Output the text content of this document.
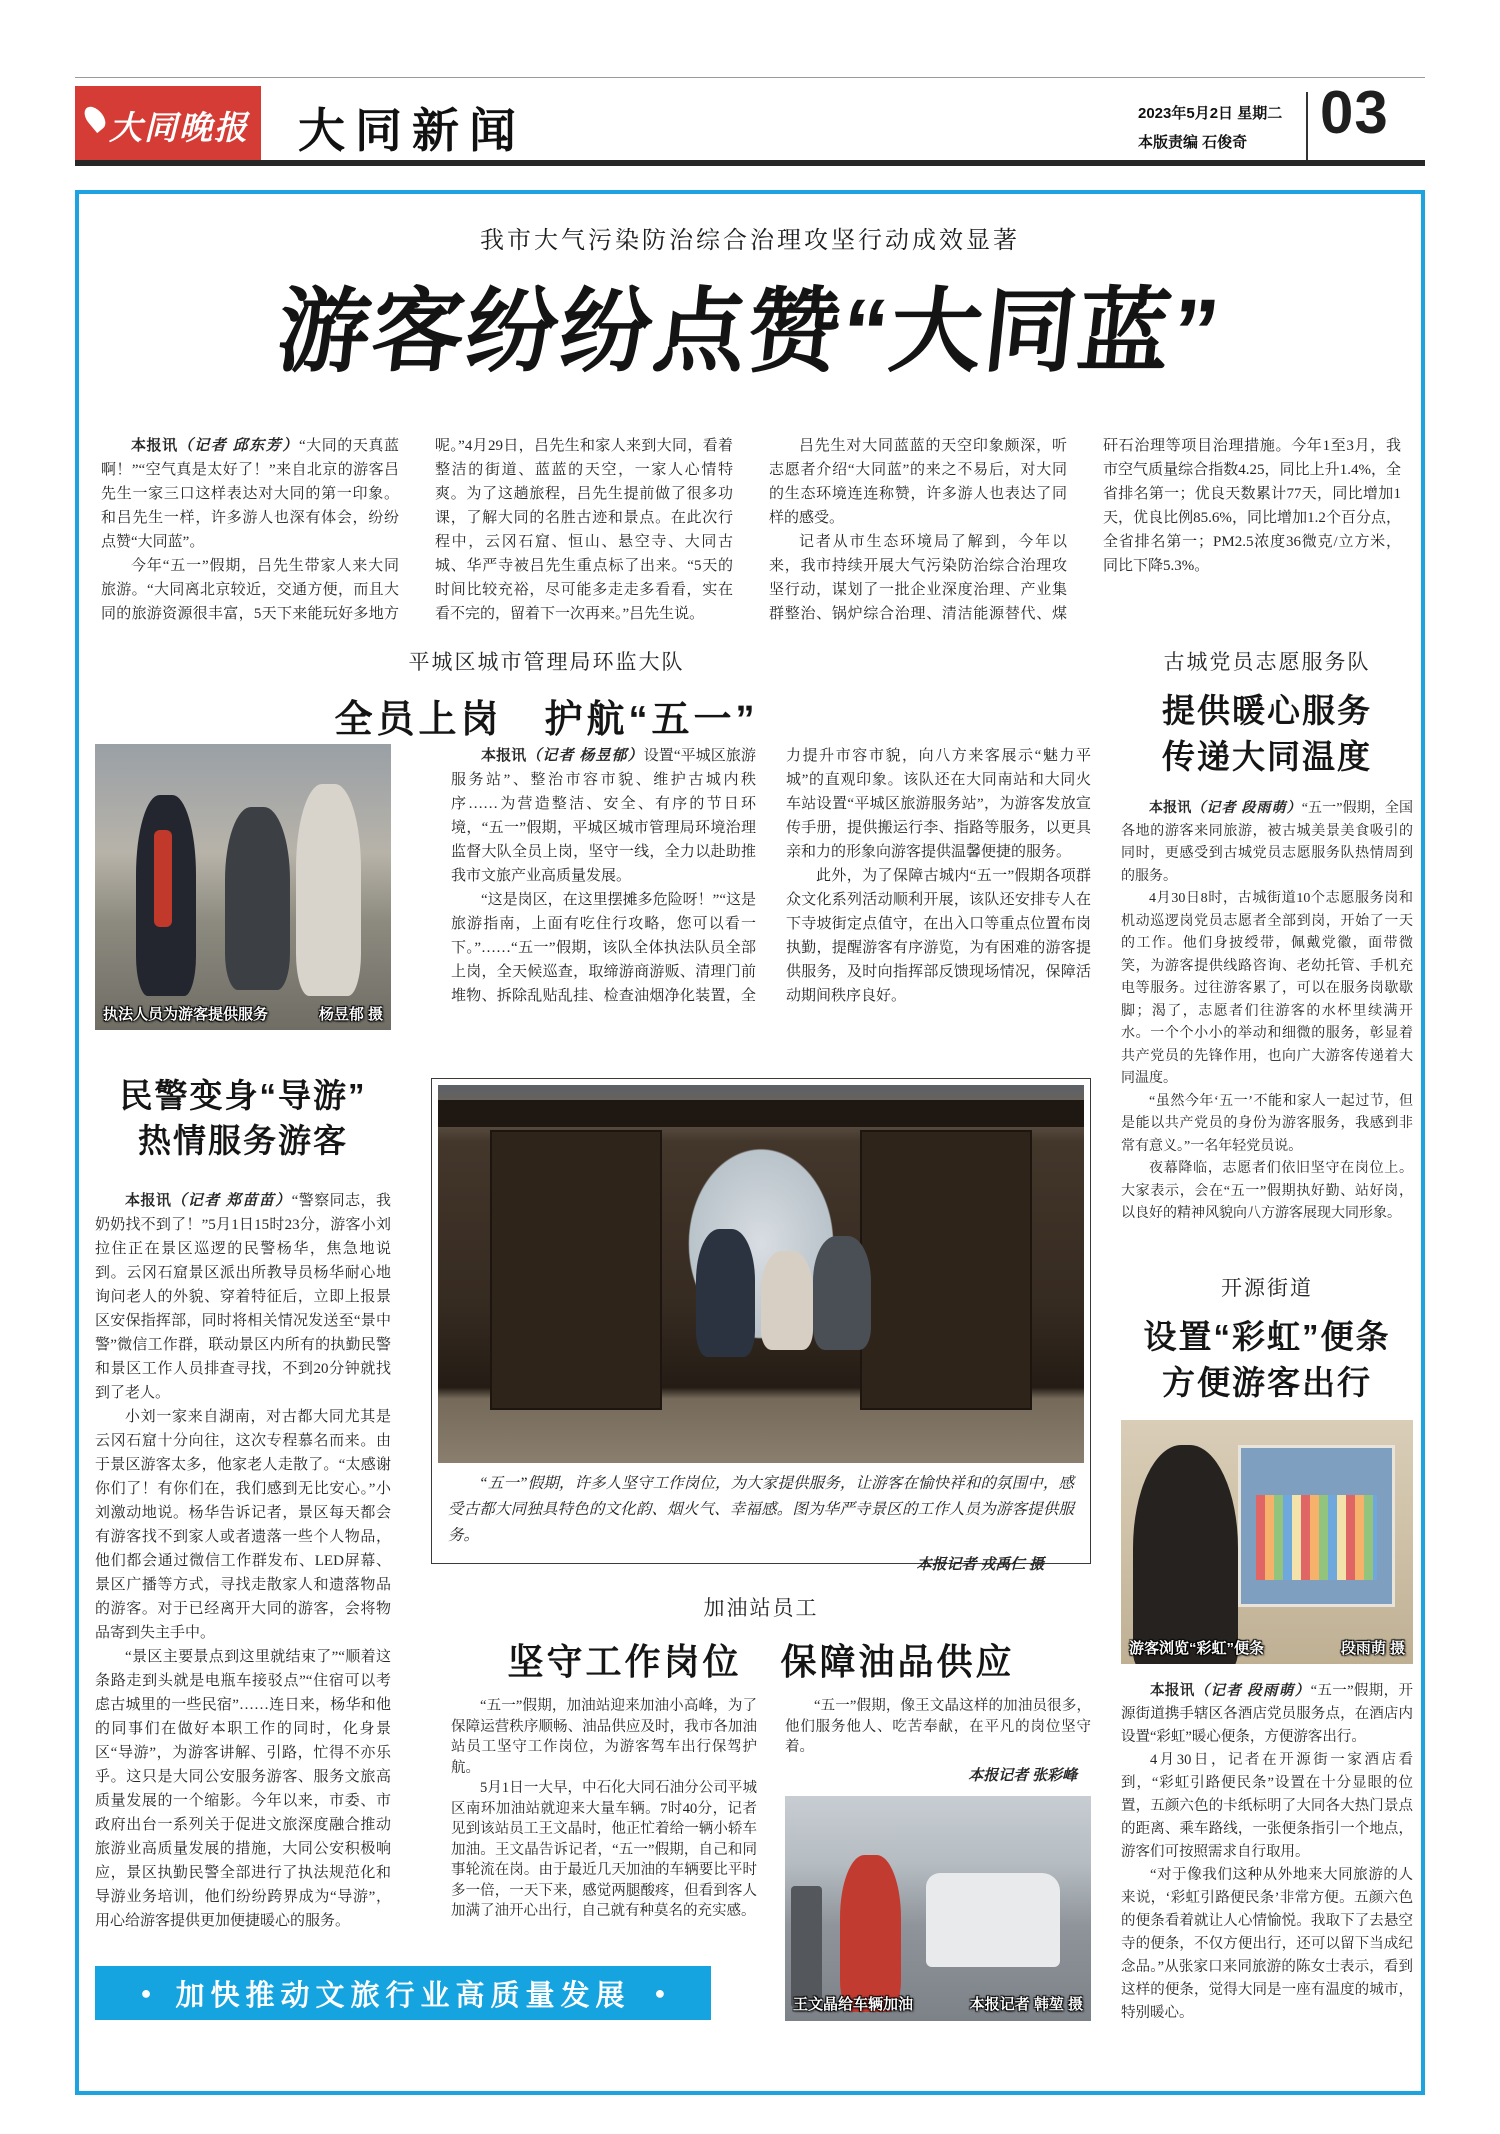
大同晚报 大同新闻	2023年5月2日 星期二
本版责编 石俊奇	03
我市大气污染防治综合治理攻坚行动成效显著
游客纷纷点赞“大同蓝”

本报讯（记者 邱东芳）“大同的天真蓝啊！”“空气真是太好了！”来自北京的游客吕先生一家三口这样表达对大同的第一印象。和吕先生一样，许多游人也深有体会，纷纷点赞“大同蓝”。

今年“五一”假期，吕先生带家人来大同旅游。“大同离北京较近，交通方便，而且大同的旅游资源很丰富，5天下来能玩好多地方呢。”4月29日，吕先生和家人来到大同，看着整洁的街道、蓝蓝的天空，一家人心情特爽。为了这趟旅程，吕先生提前做了很多功课，了解大同的名胜古迹和景点。在此次行程中，云冈石窟、恒山、悬空寺、大同古城、华严寺被吕先生重点标了出来。“5天的时间比较充裕，尽可能多走走多看看，实在看不完的，留着下一次再来。”吕先生说。

吕先生对大同蓝蓝的天空印象颇深，听志愿者介绍“大同蓝”的来之不易后，对大同的生态环境连连称赞，许多游人也表达了同样的感受。

记者从市生态环境局了解到，今年以来，我市持续开展大气污染防治综合治理攻坚行动，谋划了一批企业深度治理、产业集群整治、锅炉综合治理、清洁能源替代、煤矸石治理等项目治理措施。今年1至3月，我市空气质量综合指数4.25，同比上升1.4%，全省排名第一；优良天数累计77天，同比增加1天，优良比例85.6%，同比增加1.2个百分点，全省排名第一；PM2.5浓度36微克/立方米，同比下降5.3%。

平城区城市管理局环监大队
全员上岗　护航“五一”
执法人员为游客提供服务	杨昱郁 摄

本报讯（记者 杨昱郁）设置“平城区旅游服务站”、整治市容市貌、维护古城内秩序……为营造整洁、安全、有序的节日环境，“五一”假期，平城区城市管理局环境治理监督大队全员上岗，坚守一线，全力以赴助推我市文旅产业高质量发展。

“这是岗区，在这里摆摊多危险呀！”“这是旅游指南，上面有吃住行攻略，您可以看一下。”……“五一”假期，该队全体执法队员全部上岗，全天候巡查，取缔游商游贩、清理门前堆物、拆除乱贴乱挂、检查油烟净化装置，全力提升市容市貌，向八方来客展示“魅力平城”的直观印象。该队还在大同南站和大同火车站设置“平城区旅游服务站”，为游客发放宣传手册，提供搬运行李、指路等服务，以更具亲和力的形象向游客提供温馨便捷的服务。

此外，为了保障古城内“五一”假期各项群众文化系列活动顺利开展，该队还安排专人在下寺坡街定点值守，在出入口等重点位置布岗执勤，提醒游客有序游览，为有困难的游客提供服务，及时向指挥部反馈现场情况，保障活动期间秩序良好。

民警变身“导游”
热情服务游客

本报讯（记者 郑苗苗）“警察同志，我奶奶找不到了！”5月1日15时23分，游客小刘拉住正在景区巡逻的民警杨华，焦急地说到。云冈石窟景区派出所教导员杨华耐心地询问老人的外貌、穿着特征后，立即上报景区安保指挥部，同时将相关情况发送至“景中警”微信工作群，联动景区内所有的执勤民警和景区工作人员排查寻找，不到20分钟就找到了老人。

小刘一家来自湖南，对古都大同尤其是云冈石窟十分向往，这次专程慕名而来。由于景区游客太多，他家老人走散了。“太感谢你们了！有你们在，我们感到无比安心。”小刘激动地说。杨华告诉记者，景区每天都会有游客找不到家人或者遗落一些个人物品，他们都会通过微信工作群发布、LED屏幕、景区广播等方式，寻找走散家人和遗落物品的游客。对于已经离开大同的游客，会将物品寄到失主手中。

“景区主要景点到这里就结束了”“顺着这条路走到头就是电瓶车接驳点”“住宿可以考虑古城里的一些民宿”……连日来，杨华和他的同事们在做好本职工作的同时，化身景区“导游”，为游客讲解、引路，忙得不亦乐乎。这只是大同公安服务游客、服务文旅高质量发展的一个缩影。今年以来，市委、市政府出台一系列关于促进文旅深度融合推动旅游业高质量发展的措施，大同公安积极响应，景区执勤民警全部进行了执法规范化和导游业务培训，他们纷纷跨界成为“导游”，用心给游客提供更加便捷暖心的服务。

“五一”假期，许多人坚守工作岗位，为大家提供服务，让游客在愉快祥和的氛围中，感受古都大同独具特色的文化韵、烟火气、幸福感。图为华严寺景区的工作人员为游客提供服务。
本报记者 戎禹仁 摄
加油站员工
坚守工作岗位　保障油品供应

“五一”假期，加油站迎来加油小高峰，为了保障运营秩序顺畅、油品供应及时，我市各加油站员工坚守工作岗位，为游客驾车出行保驾护航。

5月1日一大早，中石化大同石油分公司平城区南环加油站就迎来大量车辆。7时40分，记者见到该站员工王文晶时，他正忙着给一辆小轿车加油。王文晶告诉记者，“五一”假期，自己和同事轮流在岗。由于最近几天加油的车辆要比平时多一倍，一天下来，感觉两腿酸疼，但看到客人加满了油开心出行，自己就有种莫名的充实感。

“五一”假期，像王文晶这样的加油员很多，他们服务他人、吃苦奉献，在平凡的岗位坚守着。

本报记者 张彩峰
王文晶给车辆加油	本报记者 韩堃 摄
● 加快推动文旅行业高质量发展 ●
古城党员志愿服务队
提供暖心服务
传递大同温度

本报讯（记者 段雨萌）“五一”假期，全国各地的游客来同旅游，被古城美景美食吸引的同时，更感受到古城党员志愿服务队热情周到的服务。

4月30日8时，古城街道10个志愿服务岗和机动巡逻岗党员志愿者全部到岗，开始了一天的工作。他们身披绶带，佩戴党徽，面带微笑，为游客提供线路咨询、老幼托管、手机充电等服务。过往游客累了，可以在服务岗歇歇脚；渴了，志愿者们往游客的水杯里续满开水。一个个小小的举动和细微的服务，彰显着共产党员的先锋作用，也向广大游客传递着大同温度。

“虽然今年‘五一’不能和家人一起过节，但是能以共产党员的身份为游客服务，我感到非常有意义。”一名年轻党员说。

夜幕降临，志愿者们依旧坚守在岗位上。大家表示，会在“五一”假期执好勤、站好岗，以良好的精神风貌向八方游客展现大同形象。

开源街道
设置“彩虹”便条
方便游客出行
游客浏览“彩虹”便条	段雨萌 摄

本报讯（记者 段雨萌）“五一”假期，开源街道携手辖区各酒店党员服务点，在酒店内设置“彩虹”暖心便条，方便游客出行。

4月30日，记者在开源街一家酒店看到，“彩虹引路便民条”设置在十分显眼的位置，五颜六色的卡纸标明了大同各大热门景点的距离、乘车路线，一张便条指引一个地点，游客们可按照需求自行取用。

“对于像我们这种从外地来大同旅游的人来说，‘彩虹引路便民条’非常方便。五颜六色的便条看着就让人心情愉悦。我取下了去悬空寺的便条，不仅方便出行，还可以留下当成纪念品。”从张家口来同旅游的陈女士表示，看到这样的便条，觉得大同是一座有温度的城市，特别暖心。
